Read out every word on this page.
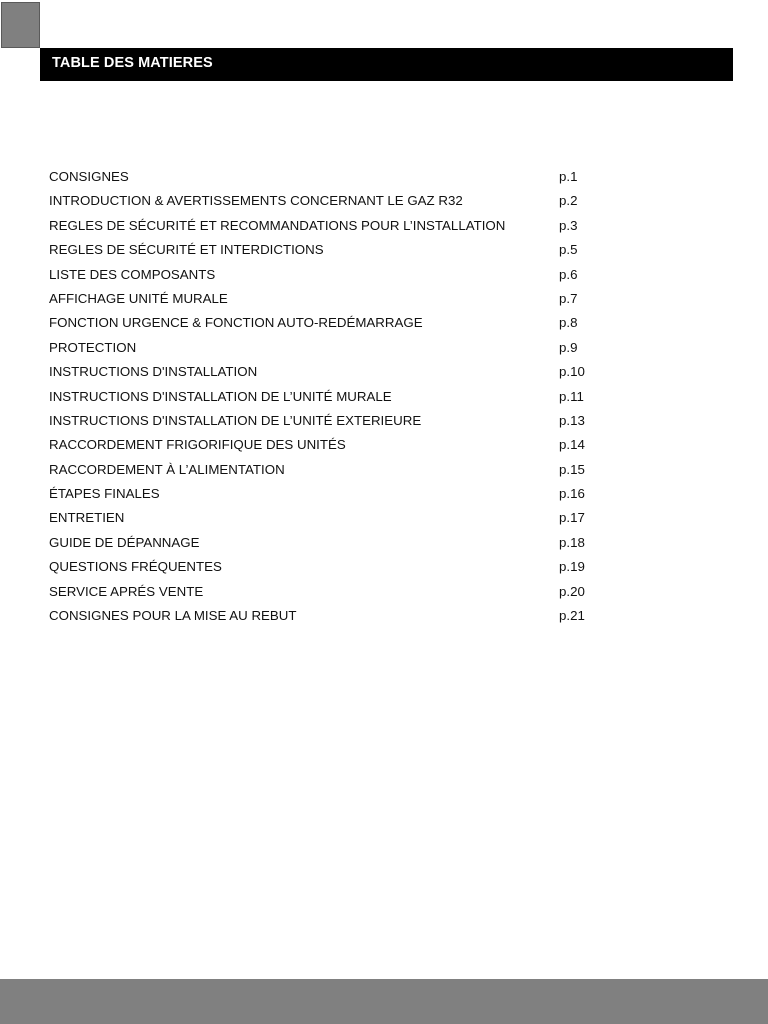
TABLE DES MATIERES
CONSIGNES	p.1
INTRODUCTION & AVERTISSEMENTS CONCERNANT LE GAZ R32	p.2
REGLES DE SÉCURITÉ ET RECOMMANDATIONS POUR L’INSTALLATION	p.3
REGLES DE SÉCURITÉ ET INTERDICTIONS	p.5
LISTE DES COMPOSANTS	p.6
AFFICHAGE UNITÉ MURALE	p.7
FONCTION URGENCE & FONCTION AUTO-REDÉMARRAGE	p.8
PROTECTION	p.9
INSTRUCTIONS D'INSTALLATION	p.10
INSTRUCTIONS D'INSTALLATION DE L’UNITÉ MURALE	p.11
INSTRUCTIONS D'INSTALLATION DE L’UNITÉ EXTERIEURE	p.13
RACCORDEMENT FRIGORIFIQUE DES UNITÉS	p.14
RACCORDEMENT À L’ALIMENTATION	p.15
ÉTAPES FINALES	p.16
ENTRETIEN	p.17
GUIDE DE DÉPANNAGE	p.18
QUESTIONS FRÉQUENTES	p.19
SERVICE APRÉS VENTE	p.20
CONSIGNES POUR LA MISE AU REBUT	p.21
